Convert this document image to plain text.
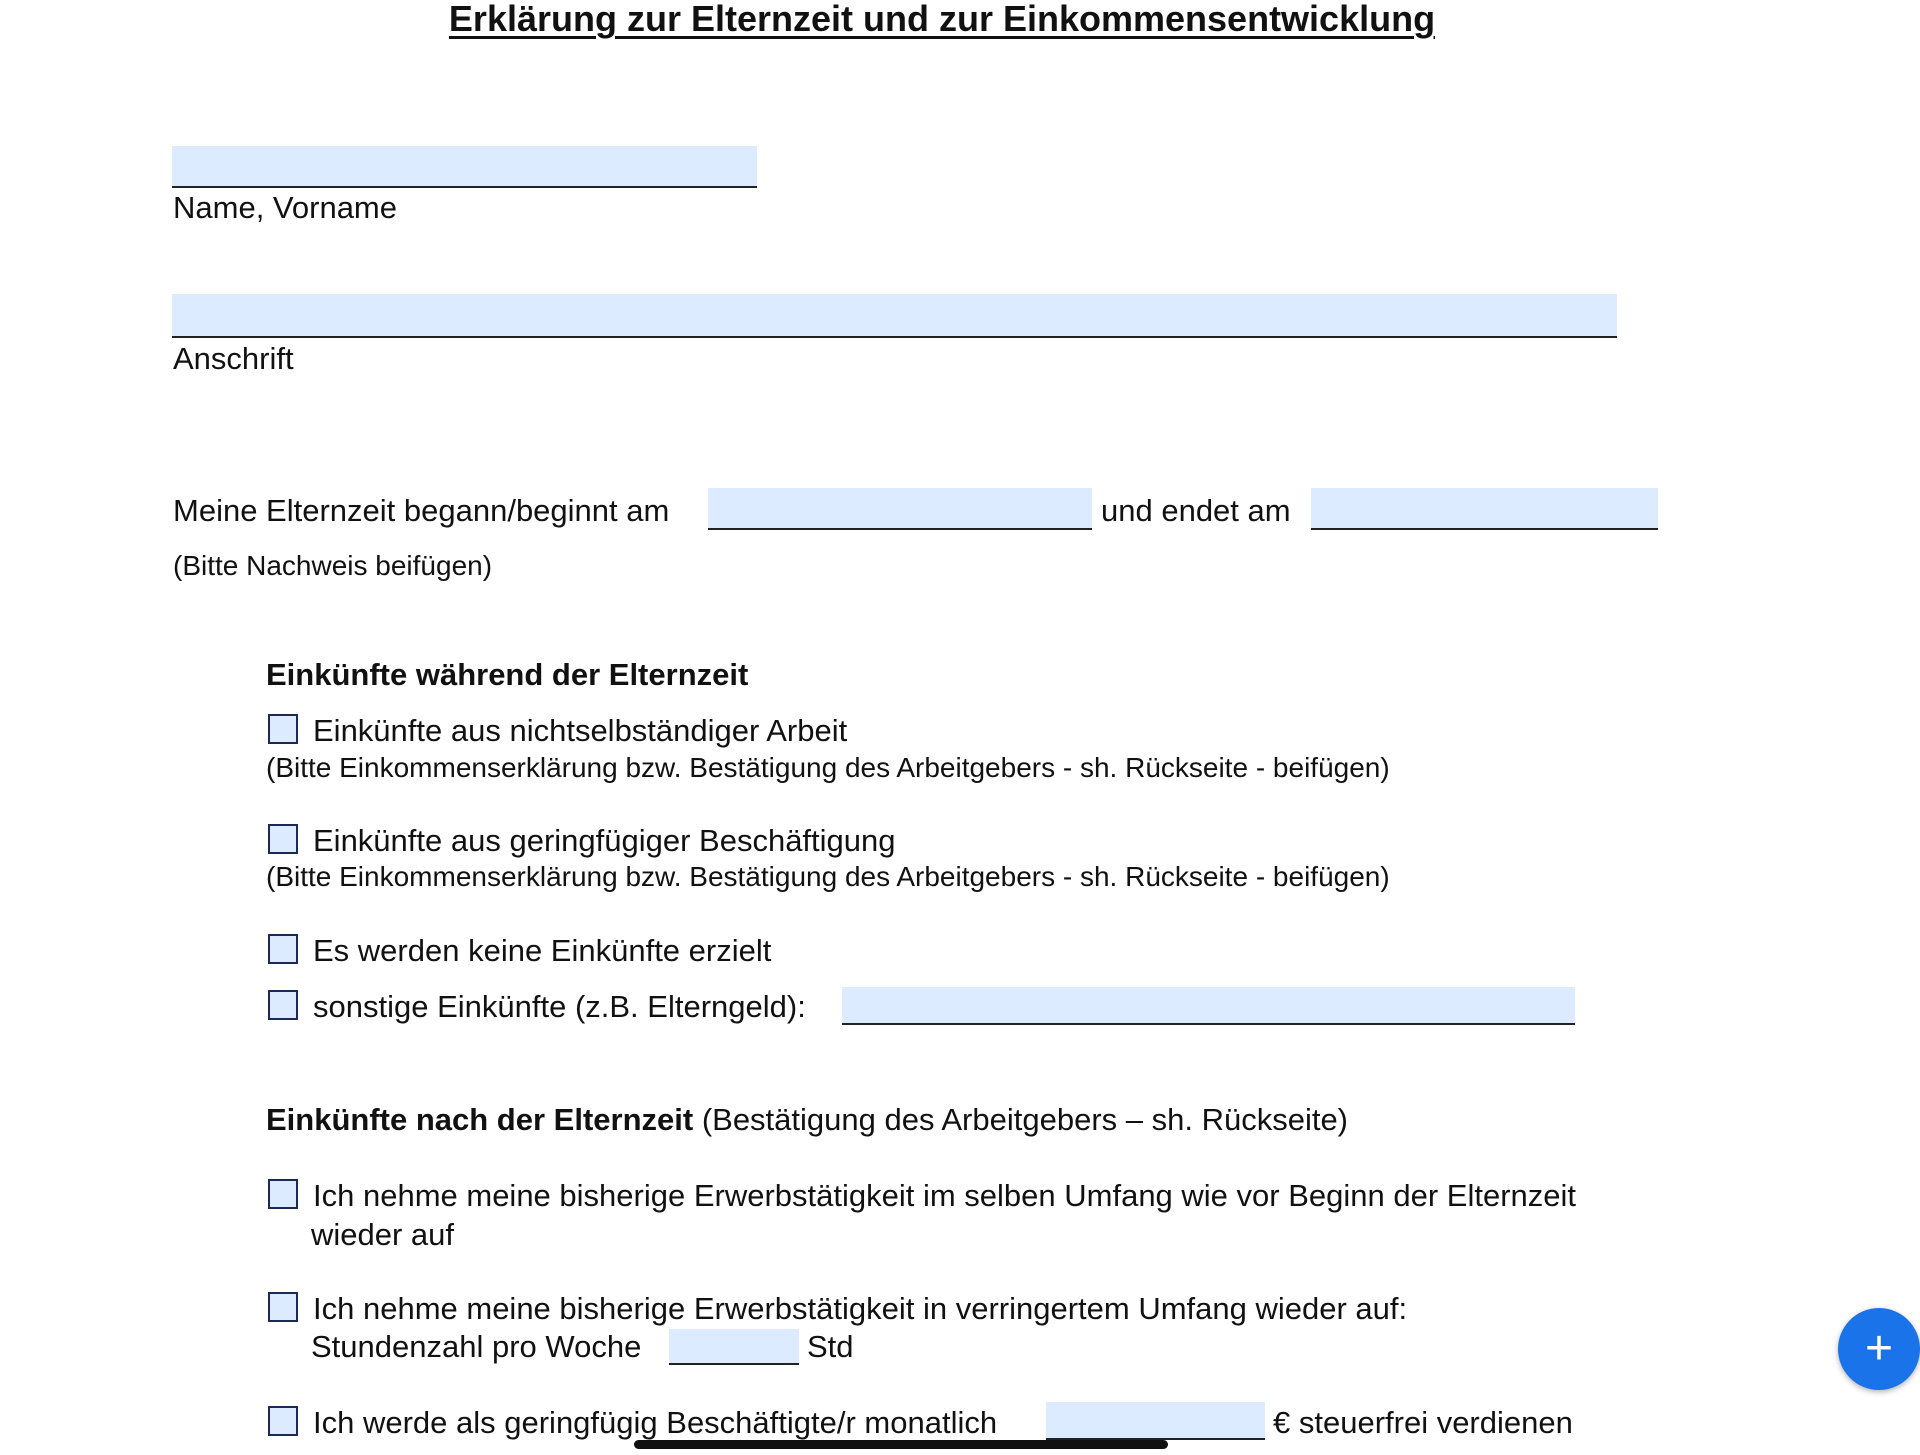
Erklärung zur Elternzeit und zur Einkommensentwicklung
Name, Vorname
Anschrift
Meine Elternzeit begann/beginnt am	und endet am
(Bitte Nachweis beifügen)
Einkünfte während der Elternzeit
Einkünfte aus nichtselbständiger Arbeit
(Bitte Einkommenserklärung bzw. Bestätigung des Arbeitgebers - sh. Rückseite - beifügen)
Einkünfte aus geringfügiger Beschäftigung
(Bitte Einkommenserklärung bzw. Bestätigung des Arbeitgebers - sh. Rückseite - beifügen)
Es werden keine Einkünfte erzielt
sonstige Einkünfte (z.B. Elterngeld):
Einkünfte nach der Elternzeit (Bestätigung des Arbeitgebers – sh. Rückseite)
Ich nehme meine bisherige Erwerbstätigkeit im selben Umfang wie vor Beginn der Elternzeit
wieder auf
Ich nehme meine bisherige Erwerbstätigkeit in verringertem Umfang wieder auf:
Stundenzahl pro Woche	Std
Ich werde als geringfügig Beschäftigte/r monatlich	€ steuerfrei verdienen
+
